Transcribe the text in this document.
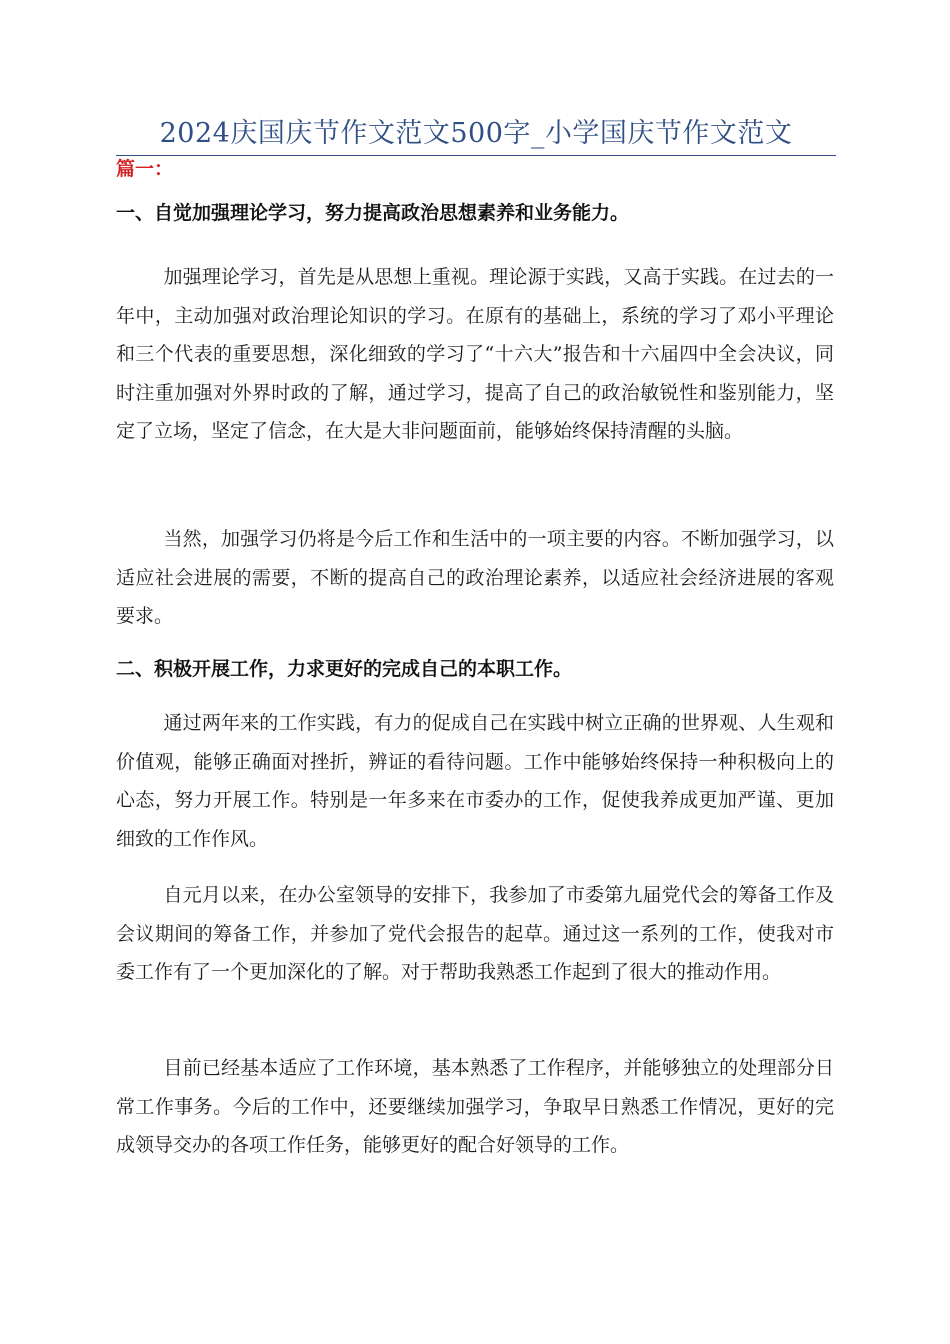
2024庆国庆节作文范文500字_小学国庆节作文范文
篇一：
一、自觉加强理论学习，努力提高政治思想素养和业务能力。

加强理论学习，首先是从思想上重视。理论源于实践，又高于实践。在过去的一年中，主动加强对政治理论知识的学习。在原有的基础上，系统的学习了邓小平理论和三个代表的重要思想，深化细致的学习了“十六大”报告和十六届四中全会决议，同时注重加强对外界时政的了解，通过学习，提高了自己的政治敏锐性和鉴别能力，坚定了立场，坚定了信念，在大是大非问题面前，能够始终保持清醒的头脑。

当然，加强学习仍将是今后工作和生活中的一项主要的内容。不断加强学习，以适应社会进展的需要，不断的提高自己的政治理论素养，以适应社会经济进展的客观要求。

二、积极开展工作，力求更好的完成自己的本职工作。

通过两年来的工作实践，有力的促成自己在实践中树立正确的世界观、人生观和价值观，能够正确面对挫折，辨证的看待问题。工作中能够始终保持一种积极向上的心态，努力开展工作。特别是一年多来在市委办的工作，促使我养成更加严谨、更加细致的工作作风。

自元月以来，在办公室领导的安排下，我参加了市委第九届党代会的筹备工作及会议期间的筹备工作，并参加了党代会报告的起草。通过这一系列的工作，使我对市委工作有了一个更加深化的了解。对于帮助我熟悉工作起到了很大的推动作用。

目前已经基本适应了工作环境，基本熟悉了工作程序，并能够独立的处理部分日常工作事务。今后的工作中，还要继续加强学习，争取早日熟悉工作情况，更好的完成领导交办的各项工作任务，能够更好的配合好领导的工作。
